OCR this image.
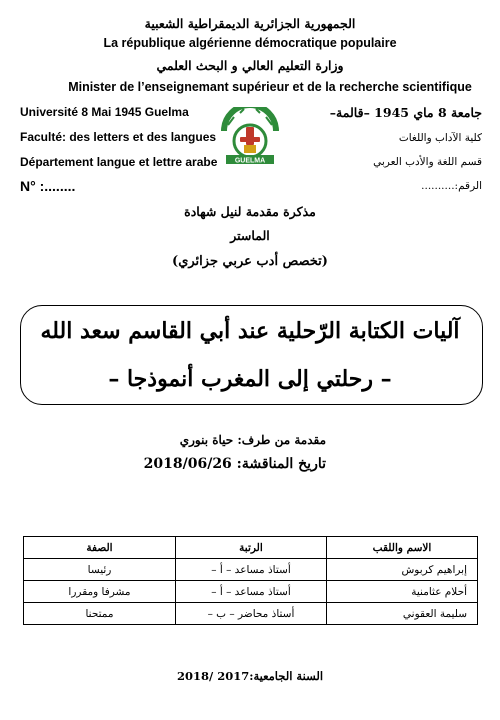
الجمهورية الجزائرية الديمقراطية الشعبية
La république algérienne démocratique populaire
وزارة التعليم العالي و البحث العلمي
Minister de l’enseignemant supérieur et de la recherche scientifique
Université 8 Mai 1945 Guelma
Faculté: des letters et des langues
Département langue et lettre arabe
N° :........
جامعة 8 ماي 1945 –قالمة–
كلية الآداب واللغات
قسم اللغة والأدب العربي
الرقم:..........
GUELMA
مذكرة مقدمة لنيل شهادة
الماستر
(تخصص أدب عربي جزائري)
آليات الكتابة الرّحلية عند أبي القاسم سعد الله
– رحلتي إلى المغرب أنموذجا –
مقدمة من طرف: حياة بنوري
تاريخ المناقشة: 2018/06/26
الاسم واللقب	الرتبة	الصفة
إبراهيم كربوش	أستاذ مساعد – أ –	رئيسا
أحلام عثامنية	أستاذ مساعد – أ –	مشرفا ومقررا
سليمة العقوني	أستاذ محاضر – ب –	ممتحنا
السنة الجامعية:2017 /2018
